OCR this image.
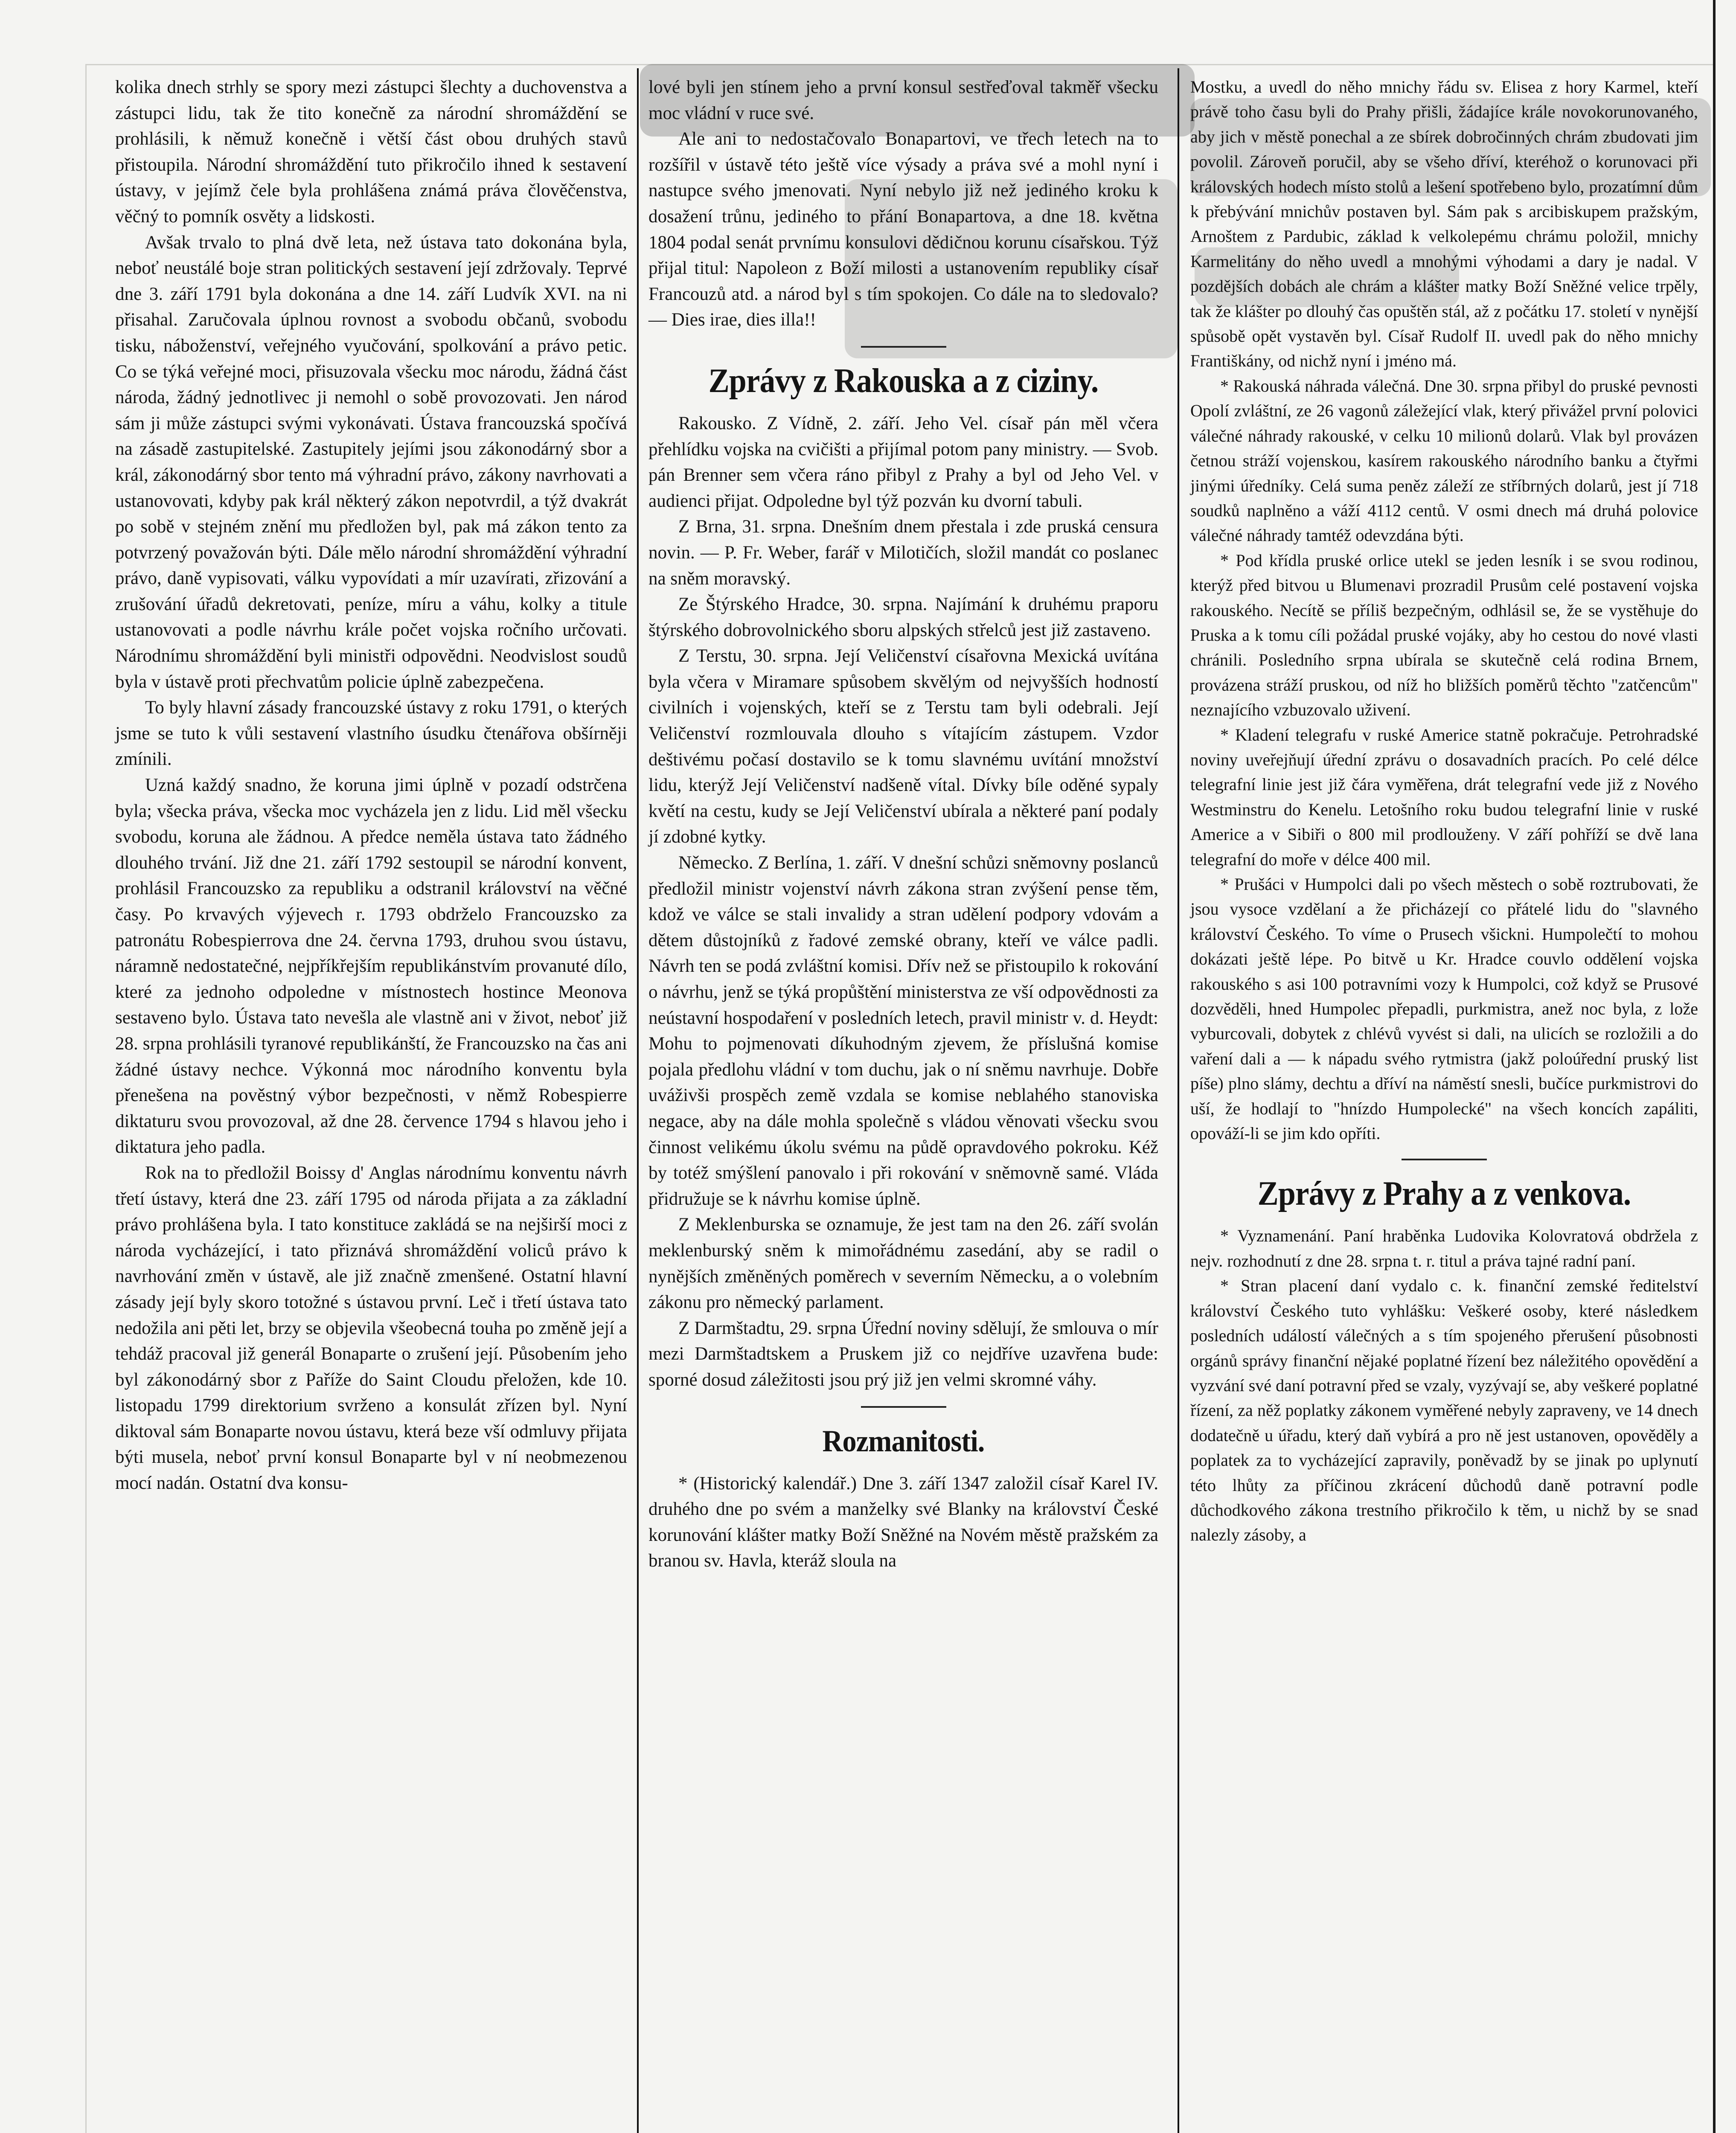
kolika dnech strhly se spory mezi zástupci šlechty a duchovenstva a zástupci lidu, tak že tito konečně za národní shromáždění se prohlásili, k němuž konečně i větší část obou druhých stavů přistoupila. Národní shromáždění tuto přikročilo ihned k sestavení ústavy, v jejímž čele byla prohlášena známá práva člověčenstva, věčný to pomník osvěty a lidskosti.

Avšak trvalo to plná dvě leta, než ústava tato dokonána byla, neboť neustálé boje stran politických sestavení její zdržovaly. Teprvé dne 3. září 1791 byla dokonána a dne 14. září Ludvík XVI. na ni přisahal. Zaručovala úplnou rovnost a svobodu občanů, svobodu tisku, náboženství, veřejného vyučování, spolkování a právo petic. Co se týká veřejné moci, přisuzovala všecku moc národu, žádná část národa, žádný jednotlivec ji nemohl o sobě provozovati. Jen národ sám ji může zástupci svými vykonávati. Ústava francouzská spočívá na zásadě zastupitelské. Zastupitely jejími jsou zákonodárný sbor a král, zákonodárný sbor tento má výhradní právo, zákony navrhovati a ustanovovati, kdyby pak král některý zákon nepotvrdil, a týž dvakrát po sobě v stejném znění mu předložen byl, pak má zákon tento za potvrzený považován býti. Dále mělo národní shromáždění výhradní právo, daně vypisovati, válku vypovídati a mír uzavírati, zřizování a zrušování úřadů dekretovati, peníze, míru a váhu, kolky a titule ustanovovati a podle návrhu krále počet vojska ročního určovati. Národnímu shromáždění byli ministři odpovědni. Neodvislost soudů byla v ústavě proti přechvatům policie úplně zabezpečena.

To byly hlavní zásady francouzské ústavy z roku 1791, o kterých jsme se tuto k vůli sestavení vlastního úsudku čtenářova obšírněji zmínili.

Uzná každý snadno, že koruna jimi úplně v pozadí odstrčena byla; všecka práva, všecka moc vycházela jen z lidu. Lid měl všecku svobodu, koruna ale žádnou. A předce neměla ústava tato žádného dlouhého trvání. Již dne 21. září 1792 sestoupil se národní konvent, prohlásil Francouzsko za republiku a odstranil království na věčné časy. Po krvavých výjevech r. 1793 obdrželo Francouzsko za patronátu Robespierrova dne 24. června 1793, druhou svou ústavu, náramně nedostatečné, nejpříkřejším republikánstvím provanuté dílo, které za jednoho odpoledne v místnostech hostince Meonova sestaveno bylo. Ústava tato nevešla ale vlastně ani v život, neboť již 28. srpna prohlásili tyranové republikánští, že Francouzsko na čas ani žádné ústavy nechce. Výkonná moc národního konventu byla přenešena na pověstný výbor bezpečnosti, v němž Robespierre diktaturu svou provozoval, až dne 28. července 1794 s hlavou jeho i diktatura jeho padla.

Rok na to předložil Boissy d' Anglas národnímu konventu návrh třetí ústavy, která dne 23. září 1795 od národa přijata a za základní právo prohlášena byla. I tato konstituce zakládá se na nejširší moci z národa vycházející, i tato přiznává shromáždění voliců právo k navrhování změn v ústavě, ale již značně zmenšené. Ostatní hlavní zásady její byly skoro totožné s ústavou první. Leč i třetí ústava tato nedožila ani pěti let, brzy se objevila všeobecná touha po změně její a tehdáž pracoval již generál Bonaparte o zrušení její. Působením jeho byl zákonodárný sbor z Paříže do Saint Cloudu přeložen, kde 10. listopadu 1799 direktorium svrženo a konsulát zřízen byl. Nyní diktoval sám Bonaparte novou ústavu, která beze vší odmluvy přijata býti musela, neboť první konsul Bonaparte byl v ní neobmezenou mocí nadán. Ostatní dva konsu-

lové byli jen stínem jeho a první konsul sestřeďoval takměř všecku moc vládní v ruce své.

Ale ani to nedostačovalo Bonapartovi, ve třech letech na to rozšířil v ústavě této ještě více výsady a práva své a mohl nyní i nastupce svého jmenovati. Nyní nebylo již než jediného kroku k dosažení trůnu, jediného to přání Bonapartova, a dne 18. května 1804 podal senát prvnímu konsulovi dědičnou korunu císařskou. Týž přijal titul: Napoleon z Boží milosti a ustanovením republiky císař Francouzů atd. a národ byl s tím spokojen. Co dále na to sledovalo? — Dies irae, dies illa!!

Zprávy z Rakouska a z ciziny.

Rakousko. Z Vídně, 2. září. Jeho Vel. císař pán měl včera přehlídku vojska na cvičišti a přijímal potom pany ministry. — Svob. pán Brenner sem včera ráno přibyl z Prahy a byl od Jeho Vel. v audienci přijat. Odpoledne byl týž pozván ku dvorní tabuli.

Z Brna, 31. srpna. Dnešním dnem přestala i zde pruská censura novin. — P. Fr. Weber, farář v Milotičích, složil mandát co poslanec na sněm moravský.

Ze Štýrského Hradce, 30. srpna. Najímání k druhému praporu štýrského dobrovolnického sboru alpských střelců jest již zastaveno.

Z Terstu, 30. srpna. Její Veličenství císařovna Mexická uvítána byla včera v Miramare spůsobem skvělým od nejvyšších hodností civilních i vojenských, kteří se z Terstu tam byli odebrali. Její Veličenství rozmlouvala dlouho s vítajícím zástupem. Vzdor deštivému počasí dostavilo se k tomu slavnému uvítání množství lidu, kterýž Její Veličenství nadšeně vítal. Dívky bíle oděné sypaly květí na cestu, kudy se Její Veličenství ubírala a některé paní podaly jí zdobné kytky.

Německo. Z Berlína, 1. září. V dnešní schůzi sněmovny poslanců předložil ministr vojenství návrh zákona stran zvýšení pense těm, kdož ve válce se stali invalidy a stran udělení podpory vdovám a dětem důstojníků z řadové zemské obrany, kteří ve válce padli. Návrh ten se podá zvláštní komisi. Dřív než se přistoupilo k rokování o návrhu, jenž se týká propůštění ministerstva ze vší odpovědnosti za neústavní hospodaření v posledních letech, pravil ministr v. d. Heydt: Mohu to pojmenovati díkuhodným zjevem, že příslušná komise pojala předlohu vládní v tom duchu, jak o ní sněmu navrhuje. Dobře uváživši prospěch země vzdala se komise neblahého stanoviska negace, aby na dále mohla společně s vládou věnovati všecku svou činnost velikému úkolu svému na půdě opravdového pokroku. Kéž by totéž smýšlení panovalo i při rokování v sněmovně samé. Vláda přidružuje se k návrhu komise úplně.

Z Meklenburska se oznamuje, že jest tam na den 26. září svolán meklenburský sněm k mimořádnému zasedání, aby se radil o nynějších změněných poměrech v severním Německu, a o volebním zákonu pro německý parlament.

Z Darmštadtu, 29. srpna Úřední noviny sdělují, že smlouva o mír mezi Darmštadtskem a Pruskem již co nejdříve uzavřena bude: sporné dosud záležitosti jsou prý již jen velmi skromné váhy.

Rozmanitosti.

* (Historický kalendář.) Dne 3. září 1347 založil císař Karel IV. druhého dne po svém a manželky své Blanky na království České korunování klášter matky Boží Sněžné na Novém městě pražském za branou sv. Havla, kteráž sloula na

Mostku, a uvedl do něho mnichy řádu sv. Elisea z hory Karmel, kteří právě toho času byli do Prahy přišli, žádajíce krále novokorunovaného, aby jich v městě ponechal a ze sbírek dobročinných chrám zbudovati jim povolil. Zároveň poručil, aby se všeho dříví, kteréhož o korunovaci při královských hodech místo stolů a lešení spotřebeno bylo, prozatímní dům k přebývání mnichův postaven byl. Sám pak s arcibiskupem pražským, Arnoštem z Pardubic, základ k velkolepému chrámu položil, mnichy Karmelitány do něho uvedl a mnohými výhodami a dary je nadal. V pozdějších dobách ale chrám a klášter matky Boží Sněžné velice trpěly, tak že klášter po dlouhý čas opuštěn stál, až z počátku 17. století v nynější spůsobě opět vystavěn byl. Císař Rudolf II. uvedl pak do něho mnichy Františkány, od nichž nyní i jméno má.

* Rakouská náhrada válečná. Dne 30. srpna přibyl do pruské pevnosti Opolí zvláštní, ze 26 vagonů záležející vlak, který přivážel první polovici válečné náhrady rakouské, v celku 10 milionů dolarů. Vlak byl provázen četnou stráží vojenskou, kasírem rakouského národního banku a čtyřmi jinými úředníky. Celá suma peněz záleží ze stříbrných dolarů, jest jí 718 soudků naplněno a váží 4112 centů. V osmi dnech má druhá polovice válečné náhrady tamtéž odevzdána býti.

* Pod křídla pruské orlice utekl se jeden lesník i se svou rodinou, kterýž před bitvou u Blumenavi prozradil Prusům celé postavení vojska rakouského. Necítě se příliš bezpečným, odhlásil se, že se vystěhuje do Pruska a k tomu cíli požádal pruské vojáky, aby ho cestou do nové vlasti chránili. Posledního srpna ubírala se skutečně celá rodina Brnem, provázena stráží pruskou, od níž ho bližších poměrů těchto "zatčencům" neznajícího vzbuzovalo uživení.

* Kladení telegrafu v ruské Americe statně pokračuje. Petrohradské noviny uveřejňují úřední zprávu o dosavadních pracích. Po celé délce telegrafní linie jest již čára vyměřena, drát telegrafní vede již z Nového Westminstru do Kenelu. Letošního roku budou telegrafní linie v ruské Americe a v Sibiři o 800 mil prodlouženy. V září pohříží se dvě lana telegrafní do moře v délce 400 mil.

* Prušáci v Humpolci dali po všech městech o sobě roztrubovati, že jsou vysoce vzdělaní a že přicházejí co přátelé lidu do "slavného království Českého. To víme o Prusech všickni. Humpolečtí to mohou dokázati ještě lépe. Po bitvě u Kr. Hradce couvlo oddělení vojska rakouského s asi 100 potravními vozy k Humpolci, což když se Prusové dozvěděli, hned Humpolec přepadli, purkmistra, anež noc byla, z lože vyburcovali, dobytek z chlévů vyvést si dali, na ulicích se rozložili a do vaření dali a — k nápadu svého rytmistra (jakž poloúřední pruský list píše) plno slámy, dechtu a dříví na náměstí snesli, bučíce purkmistrovi do uší, že hodlají to "hnízdo Humpolecké" na všech koncích zapáliti, opováží-li se jim kdo opříti.

Zprávy z Prahy a z venkova.

* Vyznamenání. Paní hraběnka Ludovika Kolovratová obdržela z nejv. rozhodnutí z dne 28. srpna t. r. titul a práva tajné radní paní.

* Stran placení daní vydalo c. k. finanční zemské ředitelství království Českého tuto vyhlášku: Veškeré osoby, které následkem posledních událostí válečných a s tím spojeného přerušení působnosti orgánů správy finanční nějaké poplatné řízení bez náležitého opovědění a vyzvání své daní potravní před se vzaly, vyzývají se, aby veškeré poplatné řízení, za něž poplatky zákonem vyměřené nebyly zapraveny, ve 14 dnech dodatečně u úřadu, který daň vybírá a pro ně jest ustanoven, opověděly a poplatek za to vycházející zapravily, poněvadž by se jinak po uplynutí této lhůty za příčinou zkrácení důchodů daně potravní podle důchodkového zákona trestního přikročilo k těm, u nichž by se snad nalezly zásoby, a
